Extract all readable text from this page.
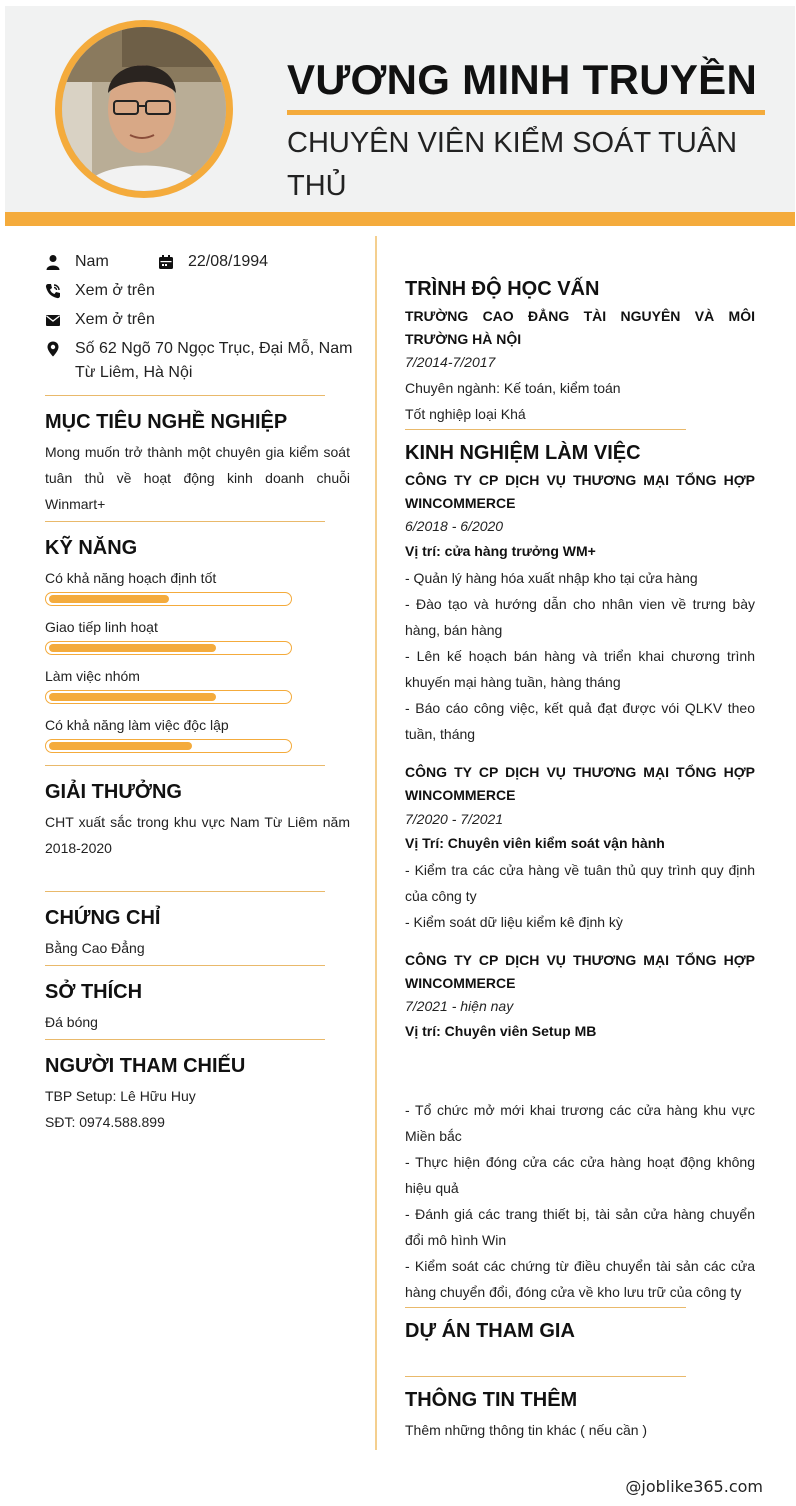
VƯƠNG MINH TRUYỀN
CHUYÊN VIÊN KIỂM SOÁT TUÂN THỦ
Nam	22/08/1994
Xem ở trên
Xem ở trên
Số 62 Ngõ 70 Ngọc Trục, Đại Mỗ, Nam Từ Liêm, Hà Nội
MỤC TIÊU NGHỀ NGHIỆP
Mong muốn trở thành một chuyên gia kiểm soát tuân thủ về hoạt động kinh doanh chuỗi Winmart+
KỸ NĂNG
Có khả năng hoạch định tốt
Giao tiếp linh hoạt
Làm việc nhóm
Có khả năng làm việc độc lập
GIẢI THƯỞNG
CHT xuất sắc trong khu vực Nam Từ Liêm năm 2018-2020
CHỨNG CHỈ
Bằng Cao Đẳng
SỞ THÍCH
Đá bóng
NGƯỜI THAM CHIẾU
TBP Setup: Lê Hữu Huy
SĐT: 0974.588.899
TRÌNH ĐỘ HỌC VẤN
TRƯỜNG CAO ĐẲNG TÀI NGUYÊN VÀ MÔI TRƯỜNG HÀ NỘI
7/2014-7/2017
Chuyên ngành: Kế toán, kiểm toán
Tốt nghiệp loại Khá
KINH NGHIỆM LÀM VIỆC
CÔNG TY CP DỊCH VỤ THƯƠNG MẠI TỔNG HỢP WINCOMMERCE
6/2018 - 6/2020
Vị trí: cửa hàng trưởng WM+
- Quản lý hàng hóa xuất nhập kho tại cửa hàng
- Đào tạo và hướng dẫn cho nhân vien về trưng bày hàng, bán hàng
- Lên kế hoạch bán hàng và triển khai chương trình khuyến mại hàng tuần, hàng tháng
- Báo cáo công việc, kết quả đạt được vói QLKV theo tuần, tháng
CÔNG TY CP DỊCH VỤ THƯƠNG MẠI TỔNG HỢP WINCOMMERCE
7/2020 - 7/2021
Vị Trí: Chuyên viên kiểm soát vận hành
- Kiểm tra các cửa hàng về tuân thủ quy trình quy định của công ty
- Kiểm soát dữ liệu kiểm kê định kỳ
CÔNG TY CP DỊCH VỤ THƯƠNG MẠI TỔNG HỢP WINCOMMERCE
7/2021 - hiện nay
Vị trí: Chuyên viên Setup MB
- Tổ chức mở mới khai trương các cửa hàng khu vực Miền bắc
- Thực hiện đóng cửa các cửa hàng hoạt động không hiệu quả
- Đánh giá các trang thiết bị, tài sản cửa hàng chuyển đổi mô hình Win
- Kiểm soát các chứng từ điều chuyển tài sản các cửa hàng chuyển đổi, đóng cửa về kho lưu trữ của công ty
DỰ ÁN THAM GIA
THÔNG TIN THÊM
Thêm những thông tin khác ( nếu cần )
@joblike365.com
